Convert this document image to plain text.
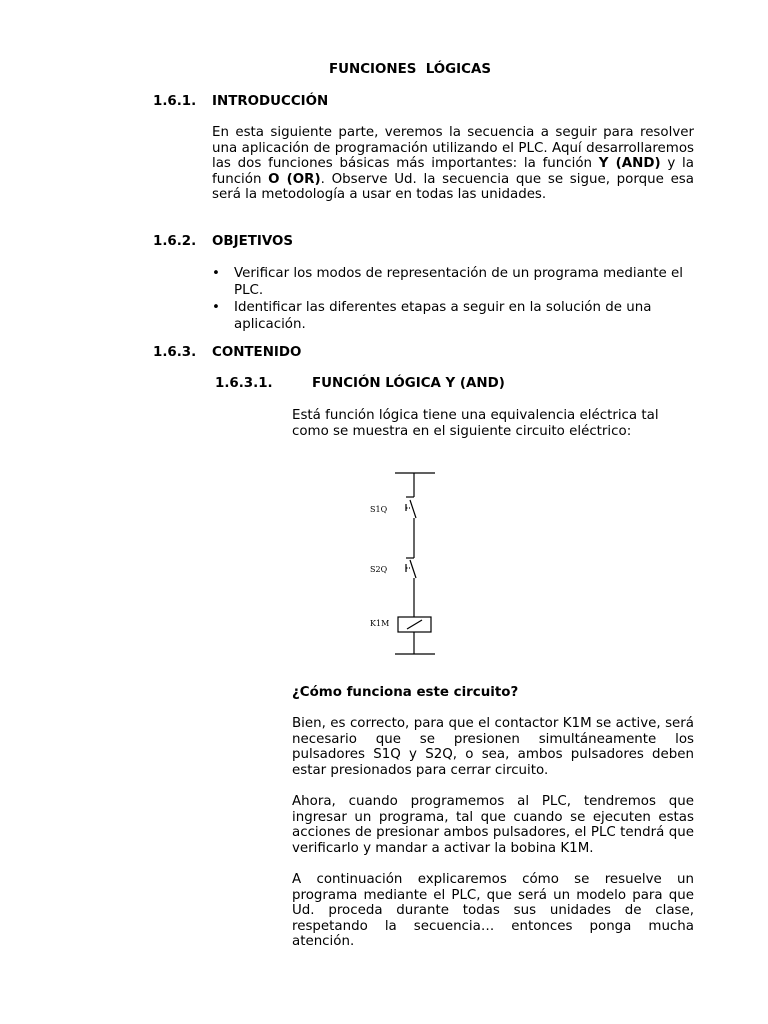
FUNCIONES  LÓGICAS
1.6.1. INTRODUCCIÓN

En esta siguiente parte, veremos la secuencia a seguir para resolver una aplicación de programación utilizando el PLC. Aquí desarrollaremos las dos funciones básicas más importantes: la función Y (AND) y la función O (OR). Observe Ud. la secuencia que se sigue, porque esa será la metodología a usar en todas las unidades.

1.6.2. OBJETIVOS
• Verificar los modos de representación de un programa mediante el PLC.
• Identificar las diferentes etapas a seguir en la solución de una aplicación.
1.6.3. CONTENIDO
1.6.3.1.	FUNCIÓN LÓGICA Y (AND)

Está función lógica tiene una equivalencia eléctrica tal como se muestra en el siguiente circuito eléctrico:

S1Q
S2Q
K1M
¿Cómo funciona este circuito?

Bien, es correcto, para que el contactor K1M se active, será necesario que se presionen simultáneamente los pulsadores S1Q y S2Q, o sea, ambos pulsadores deben estar presionados para cerrar circuito.

Ahora, cuando programemos al PLC, tendremos que ingresar un programa, tal que cuando se ejecuten estas acciones de presionar ambos pulsadores, el PLC tendrá que verificarlo y mandar a activar la bobina K1M.

A continuación explicaremos cómo se resuelve un programa mediante el PLC, que será un modelo para que Ud. proceda durante todas sus unidades de clase, respetando la secuencia… entonces ponga mucha atención.
